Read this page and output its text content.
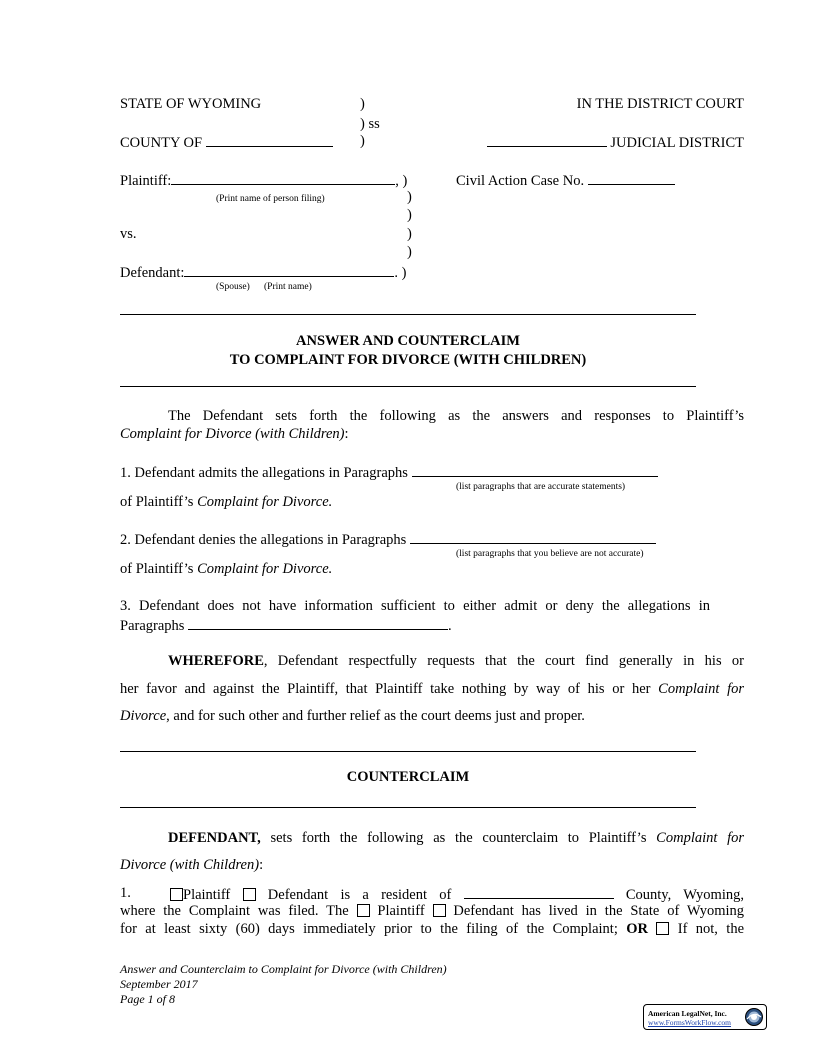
STATE OF WYOMING	)	IN THE DISTRICT COURT
) ss
COUNTY OF	)	JUDICIAL DISTRICT
Plaintiff:	, )	Civil Action Case No.
(Print name of person filing)	)
)
vs.	)
)
Defendant:	. )
(Spouse) (Print name)
ANSWER AND COUNTERCLAIM
TO COMPLAINT FOR DIVORCE (WITH CHILDREN)
The Defendant sets forth the following as the answers and responses to Plaintiff’s
Complaint for Divorce (with Children):
1. Defendant admits the allegations in Paragraphs
(list paragraphs that are accurate statements)
of Plaintiff’s Complaint for Divorce.
2. Defendant denies the allegations in Paragraphs
(list paragraphs that you believe are not accurate)
of Plaintiff’s Complaint for Divorce.
3. Defendant does not have information sufficient to either admit or deny the allegations in
Paragraphs	.
WHEREFORE, Defendant respectfully requests that the court find generally in his or
her favor and against the Plaintiff, that Plaintiff take nothing by way of his or her Complaint for
Divorce, and for such other and further relief as the court deems just and proper.
COUNTERCLAIM
DEFENDANT, sets forth the following as the counterclaim to Plaintiff’s Complaint for
Divorce (with Children):
1.	Plaintiff	Defendant is a resident of	County, Wyoming,
where the Complaint was filed. The Plaintiff Defendant has lived in the State of Wyoming
for at least sixty (60) days immediately prior to the filing of the Complaint; OR If not, the
Answer and Counterclaim to Complaint for Divorce (with Children)
September 2017
Page 1 of 8
American LegalNet, Inc.
www.FormsWorkFlow.com
